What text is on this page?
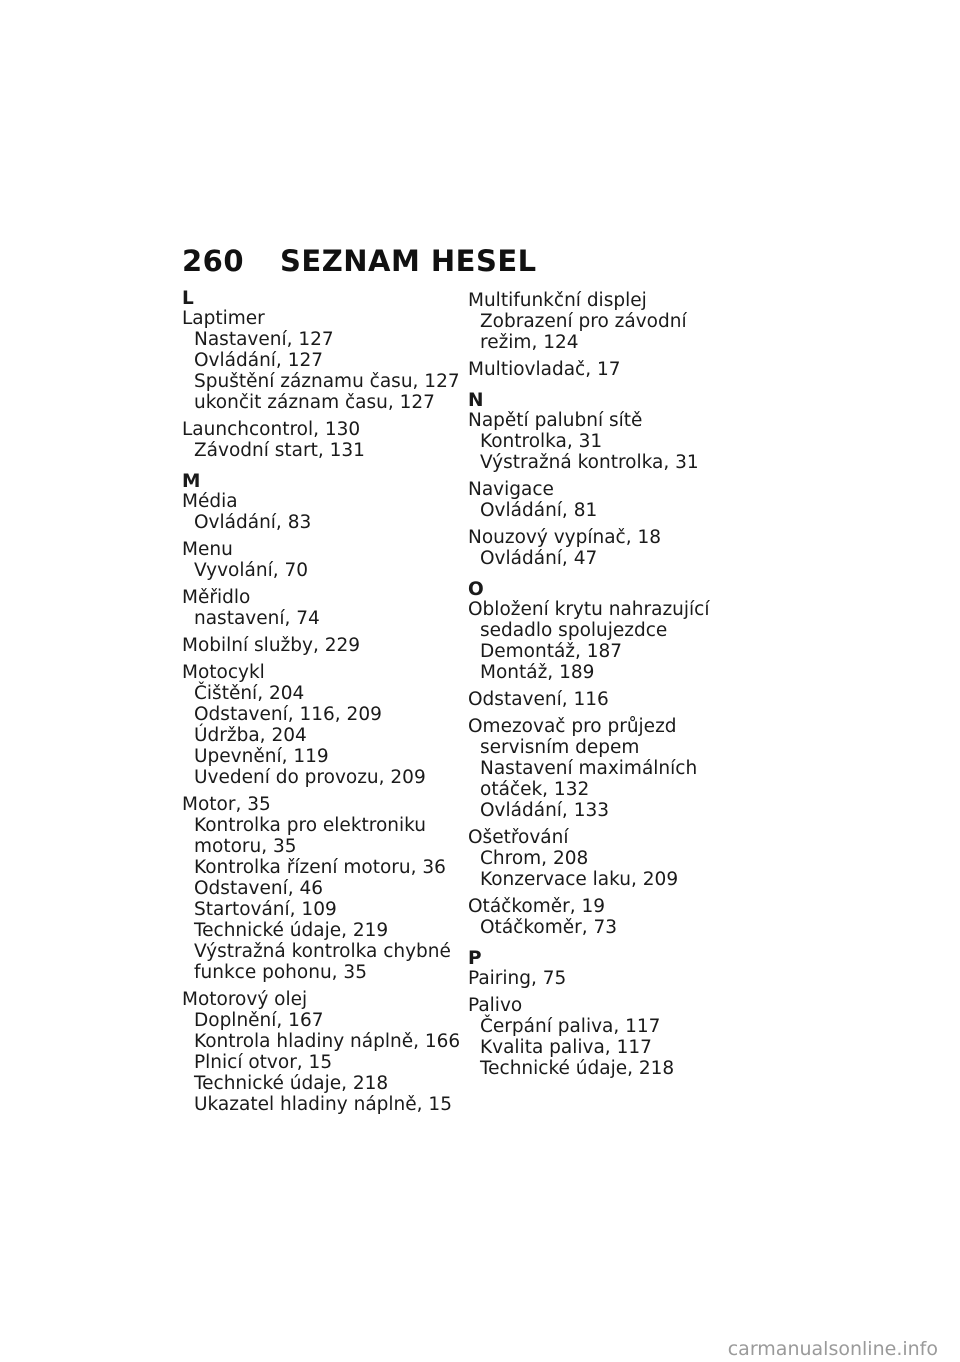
260 SEZNAM HESEL
L
Laptimer
Nastavení, 127
Ovládání, 127
Spuštění záznamu času, 127
ukončit záznam času, 127
Launchcontrol, 130
Závodní start, 131
M
Média
Ovládání, 83
Menu
Vyvolání, 70
Měřidlo
nastavení, 74
Mobilní služby, 229
Motocykl
Čištění, 204
Odstavení, 116, 209
Údržba, 204
Upevnění, 119
Uvedení do provozu, 209
Motor, 35
Kontrolka pro elektroniku
motoru, 35
Kontrolka řízení motoru, 36
Odstavení, 46
Startování, 109
Technické údaje, 219
Výstražná kontrolka chybné
funkce pohonu, 35
Motorový olej
Doplnění, 167
Kontrola hladiny náplně, 166
Plnicí otvor, 15
Technické údaje, 218
Ukazatel hladiny náplně, 15
Multifunkční displej
Zobrazení pro závodní
režim, 124
Multiovladač, 17
N
Napětí palubní sítě
Kontrolka, 31
Výstražná kontrolka, 31
Navigace
Ovládání, 81
Nouzový vypínač, 18
Ovládání, 47
O
Obložení krytu nahrazující
sedadlo spolujezdce
Demontáž, 187
Montáž, 189
Odstavení, 116
Omezovač pro průjezd
servisním depem
Nastavení maximálních
otáček, 132
Ovládání, 133
Ošetřování
Chrom, 208
Konzervace laku, 209
Otáčkoměr, 19
Otáčkoměr, 73
P
Pairing, 75
Palivo
Čerpání paliva, 117
Kvalita paliva, 117
Technické údaje, 218
carmanualsonline.info
